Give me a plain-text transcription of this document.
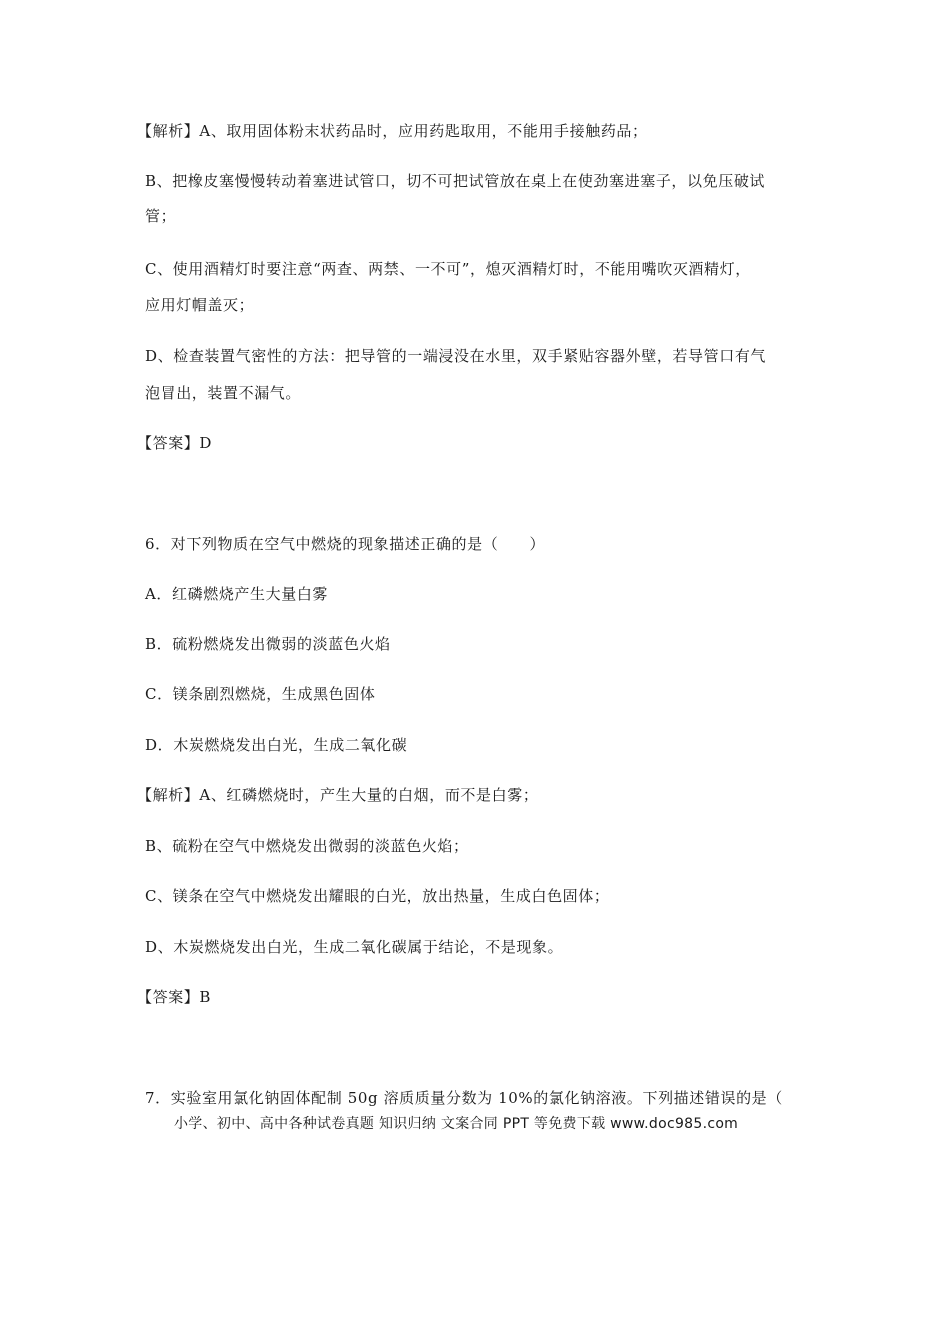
【解析】A、取用固体粉末状药品时，应用药匙取用，不能用手接触药品；
B、把橡皮塞慢慢转动着塞进试管口，切不可把试管放在桌上在使劲塞进塞子，以免压破试
管；
C、使用酒精灯时要注意“两查、两禁、一不可”，熄灭酒精灯时，不能用嘴吹灭酒精灯，
应用灯帽盖灭；
D、检查装置气密性的方法：把导管的一端浸没在水里，双手紧贴容器外壁，若导管口有气
泡冒出，装置不漏气。
【答案】D
6．对下列物质在空气中燃烧的现象描述正确的是（　　）
A．红磷燃烧产生大量白雾
B．硫粉燃烧发出微弱的淡蓝色火焰
C．镁条剧烈燃烧，生成黑色固体
D．木炭燃烧发出白光，生成二氧化碳
【解析】A、红磷燃烧时，产生大量的白烟，而不是白雾；
B、硫粉在空气中燃烧发出微弱的淡蓝色火焰；
C、镁条在空气中燃烧发出耀眼的白光，放出热量，生成白色固体；
D、木炭燃烧发出白光，生成二氧化碳属于结论，不是现象。
【答案】B
7．实验室用氯化钠固体配制 50g 溶质质量分数为 10%的氯化钠溶液。下列描述错误的是（
小学、初中、高中各种试卷真题 知识归纳 文案合同 PPT 等免费下载 www.doc985.com
